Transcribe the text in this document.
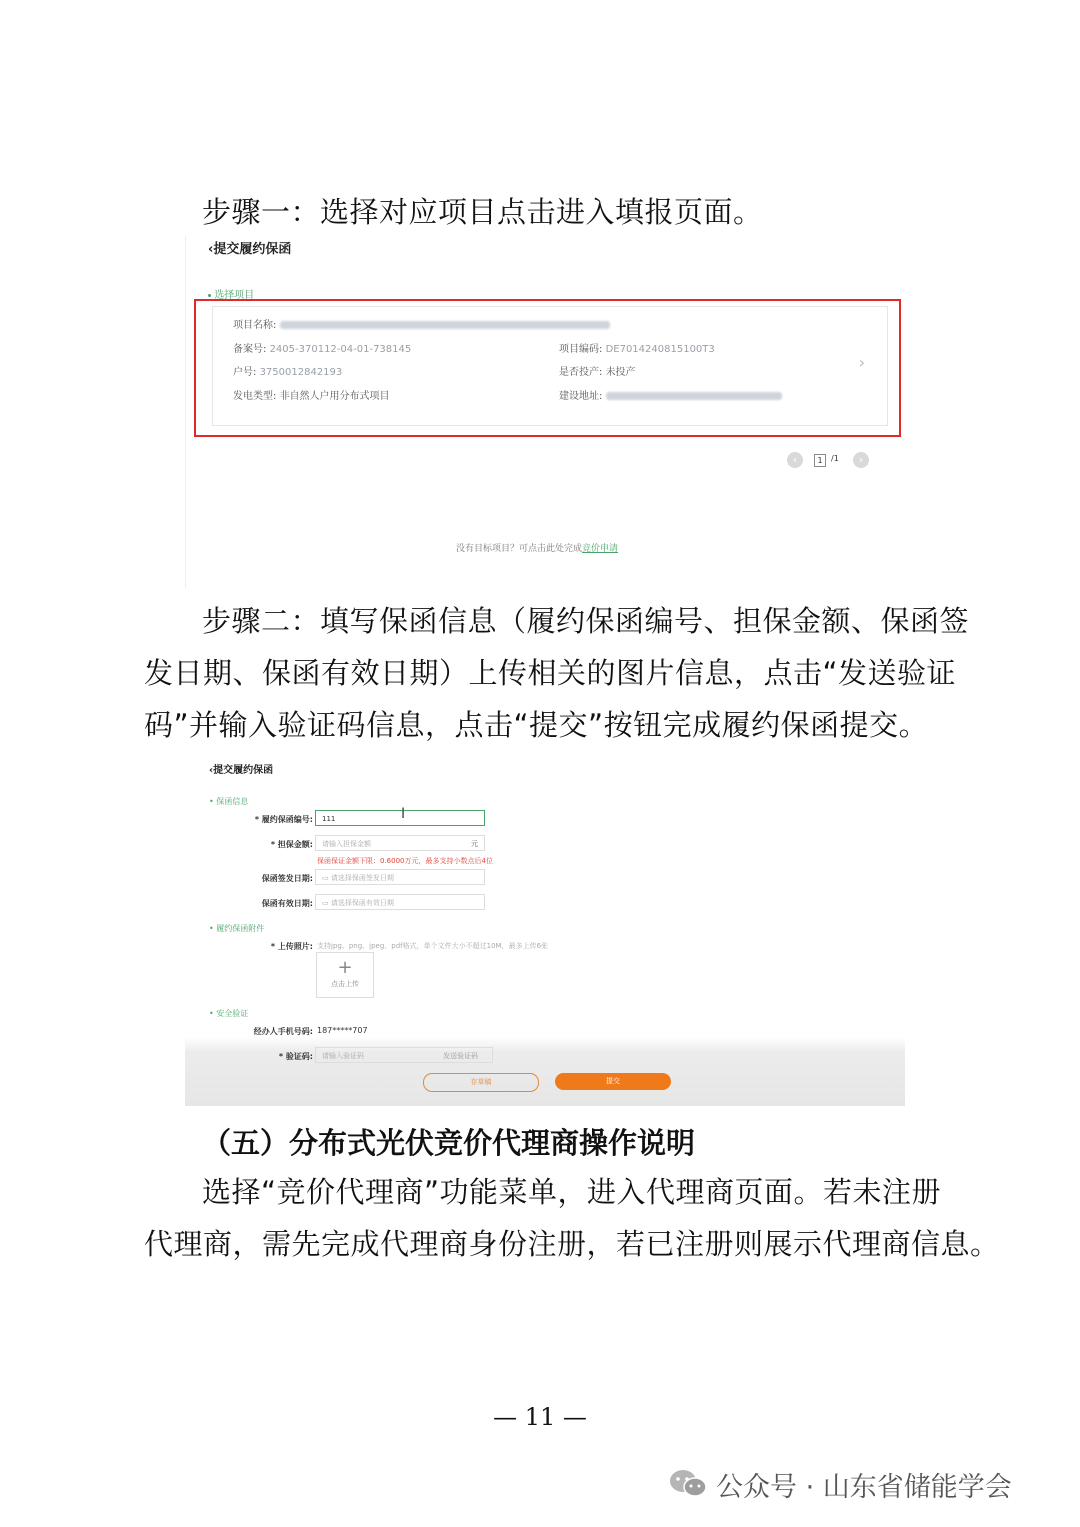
步骤一：选择对应项目点击进入填报页面。
‹提交履约保函
选择项目
项目名称:
备案号: 2405-370112-04-01-738145	项目编码: DE7014240815100T3
户号: 3750012842193	是否投产: 未投产
发电类型: 非自然人户用分布式项目	建设地址:
›
‹	1	/1	›
没有目标项目？可点击此处完成竞价申请
步骤二：填写保函信息（履约保函编号、担保金额、保函签
发日期、保函有效日期）上传相关的图片信息，点击“发送验证
码”并输入验证码信息，点击“提交”按钮完成履约保函提交。
‹提交履约保函
• 保函信息
* 履约保函编号:	111	I
* 担保金额:	请输入担保金额	元
保函保证金额下限：0.6000万元，最多支持小数点后4位
保函签发日期:	▭ 请选择保函签发日期
保函有效日期:	▭ 请选择保函有效日期
• 履约保函附件
* 上传照片: 支持jpg、png、jpeg、pdf格式，单个文件大小不超过10M，最多上传6张
+
点击上传
• 安全验证
经办人手机号码: 187*****707
* 验证码:	请输入验证码	发送验证码
存草稿	提交
（五）分布式光伏竞价代理商操作说明
选择“竞价代理商”功能菜单，进入代理商页面。若未注册
代理商，需先完成代理商身份注册，若已注册则展示代理商信息。
— 11 —
公众号 · 山东省储能学会
